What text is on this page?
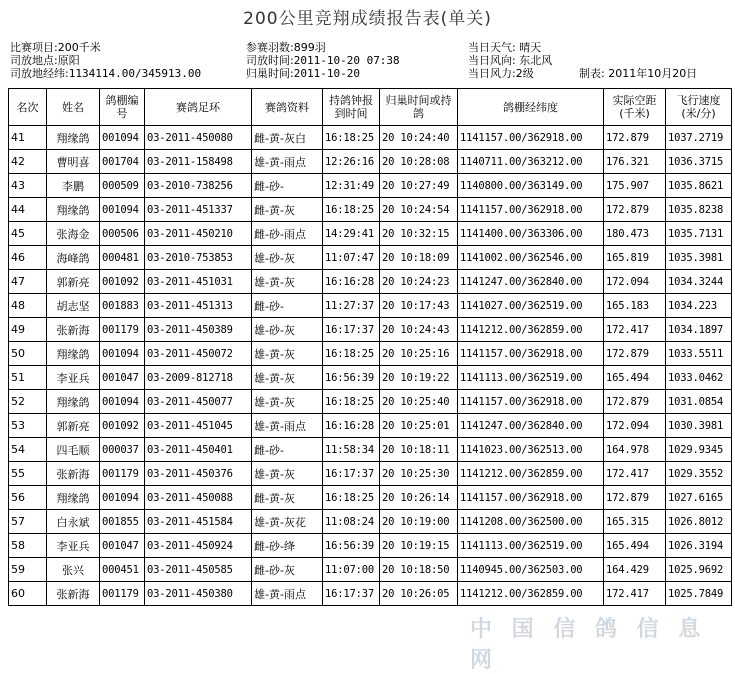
200公里竞翔成绩报告表(单关)
比赛项目:200千米
司放地点:原阳
司放地经纬:1134114.00/345913.00
参赛羽数:899羽
司放时间:2011-10-20 07:38
归巢时间:2011-10-20
当日天气: 晴天
当日风向: 东北风
当日风力:2级	制表: 2011年10月20日
名次	姓名	鸽棚编号	赛鸽足环	赛鸽资料	持鸽钟报到时间	归巢时间或持鸽	鸽棚经纬度	实际空距(千米)	飞行速度(米/分)
41	翔缘鸽	001094	03-2011-450080	雌-黄-灰白	16:18:25	20 10:24:40	1141157.00/362918.00	172.879	1037.2719
42	曹明喜	001704	03-2011-158498	雄-黄-雨点	12:26:16	20 10:28:08	1140711.00/363212.00	176.321	1036.3715
43	李鹏	000509	03-2010-738256	雌-砂-	12:31:49	20 10:27:49	1140800.00/363149.00	175.907	1035.8621
44	翔缘鸽	001094	03-2011-451337	雌-黄-灰	16:18:25	20 10:24:54	1141157.00/362918.00	172.879	1035.8238
45	张海金	000506	03-2011-450210	雌-砂-雨点	14:29:41	20 10:32:15	1141400.00/363306.00	180.473	1035.7131
46	海峰鸽	000481	03-2010-753853	雄-砂-灰	11:07:47	20 10:18:09	1141002.00/362546.00	165.819	1035.3981
47	郭新亮	001092	03-2011-451031	雄-黄-灰	16:16:28	20 10:24:23	1141247.00/362840.00	172.094	1034.3244
48	胡志坚	001883	03-2011-451313	雌-砂-	11:27:37	20 10:17:43	1141027.00/362519.00	165.183	1034.223
49	张新海	001179	03-2011-450389	雄-砂-灰	16:17:37	20 10:24:43	1141212.00/362859.00	172.417	1034.1897
50	翔缘鸽	001094	03-2011-450072	雄-黄-灰	16:18:25	20 10:25:16	1141157.00/362918.00	172.879	1033.5511
51	李亚兵	001047	03-2009-812718	雄-黄-灰	16:56:39	20 10:19:22	1141113.00/362519.00	165.494	1033.0462
52	翔缘鸽	001094	03-2011-450077	雄-黄-灰	16:18:25	20 10:25:40	1141157.00/362918.00	172.879	1031.0854
53	郭新亮	001092	03-2011-451045	雄-黄-雨点	16:16:28	20 10:25:01	1141247.00/362840.00	172.094	1030.3981
54	四毛顺	000037	03-2011-450401	雌-砂-	11:58:34	20 10:18:11	1141023.00/362513.00	164.978	1029.9345
55	张新海	001179	03-2011-450376	雄-黄-灰	16:17:37	20 10:25:30	1141212.00/362859.00	172.417	1029.3552
56	翔缘鸽	001094	03-2011-450088	雌-黄-灰	16:18:25	20 10:26:14	1141157.00/362918.00	172.879	1027.6165
57	白永斌	001855	03-2011-451584	雄-黄-灰花	11:08:24	20 10:19:00	1141208.00/362500.00	165.315	1026.8012
58	李亚兵	001047	03-2011-450924	雌-砂-绛	16:56:39	20 10:19:15	1141113.00/362519.00	165.494	1026.3194
59	张兴	000451	03-2011-450585	雌-砂-灰	11:07:00	20 10:18:50	1140945.00/362503.00	164.429	1025.9692
60	张新海	001179	03-2011-450380	雄-黄-雨点	16:17:37	20 10:26:05	1141212.00/362859.00	172.417	1025.7849
中 国 信 鸽 信 息 网
